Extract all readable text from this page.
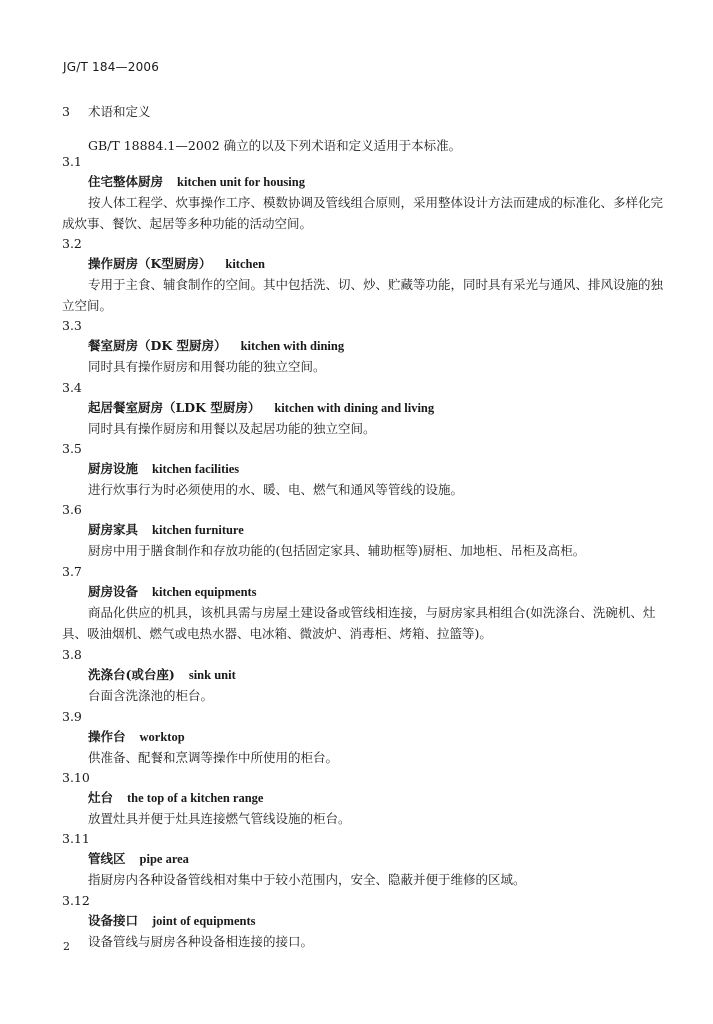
JG/T 184—2006
3 术语和定义
GB/T 18884.1—2002 确立的以及下列术语和定义适用于本标准。
3.1
住宅整体厨房 kitchen unit for housing
按人体工程学、炊事操作工序、模数协调及管线组合原则，采用整体设计方法而建成的标准化、多样化完成炊事、餐饮、起居等多种功能的活动空间。
3.2
操作厨房（K型厨房） kitchen
专用于主食、辅食制作的空间。其中包括洗、切、炒、贮藏等功能，同时具有采光与通风、排风设施的独立空间。
3.3
餐室厨房（DK 型厨房） kitchen with dining
同时具有操作厨房和用餐功能的独立空间。
3.4
起居餐室厨房（LDK 型厨房） kitchen with dining and living
同时具有操作厨房和用餐以及起居功能的独立空间。
3.5
厨房设施 kitchen facilities
进行炊事行为时必须使用的水、暖、电、燃气和通风等管线的设施。
3.6
厨房家具 kitchen furniture
厨房中用于膳食制作和存放功能的(包括固定家具、辅助框等)厨柜、加地柜、吊柜及高柜。
3.7
厨房设备 kitchen equipments
商品化供应的机具，该机具需与房屋土建设备或管线相连接，与厨房家具相组合(如洗涤台、洗碗机、灶具、吸油烟机、燃气或电热水器、电冰箱、微波炉、消毒柜、烤箱、拉篮等)。
3.8
洗涤台(或台座) sink unit
台面含洗涤池的柜台。
3.9
操作台 worktop
供准备、配餐和烹调等操作中所使用的柜台。
3.10
灶台 the top of a kitchen range
放置灶具并便于灶具连接燃气管线设施的柜台。
3.11
管线区 pipe area
指厨房内各种设备管线相对集中于较小范围内，安全、隐蔽并便于维修的区域。
3.12
设备接口 joint of equipments
设备管线与厨房各种设备相连接的接口。
2
